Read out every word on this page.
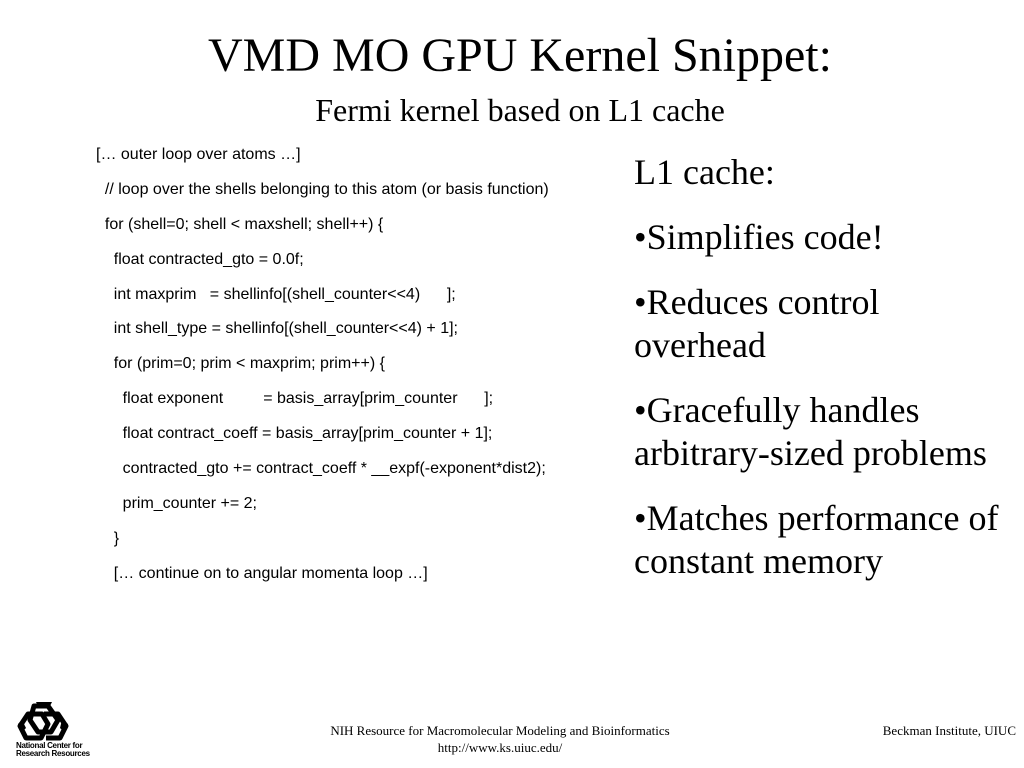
VMD MO GPU Kernel Snippet:
Fermi kernel based on L1 cache
[… outer loop over atoms …]
// loop over the shells belonging to this atom (or basis function)
for (shell=0; shell < maxshell; shell++) {
float contracted_gto = 0.0f;
int maxprim   = shellinfo[(shell_counter<<4)      ];
int shell_type = shellinfo[(shell_counter<<4) + 1];
for (prim=0; prim < maxprim; prim++) {
float exponent         = basis_array[prim_counter      ];
float contract_coeff = basis_array[prim_counter + 1];
contracted_gto += contract_coeff * __expf(-exponent*dist2);
prim_counter += 2;
}
[… continue on to angular momenta loop …]
L1 cache:
•Simplifies code!
•Reduces control overhead
•Gracefully handles arbitrary-sized problems
•Matches performance of constant memory
National Center for
Research Resources
NIH Resource for Macromolecular Modeling and Bioinformatics
http://www.ks.uiuc.edu/
Beckman Institute, UIUC
